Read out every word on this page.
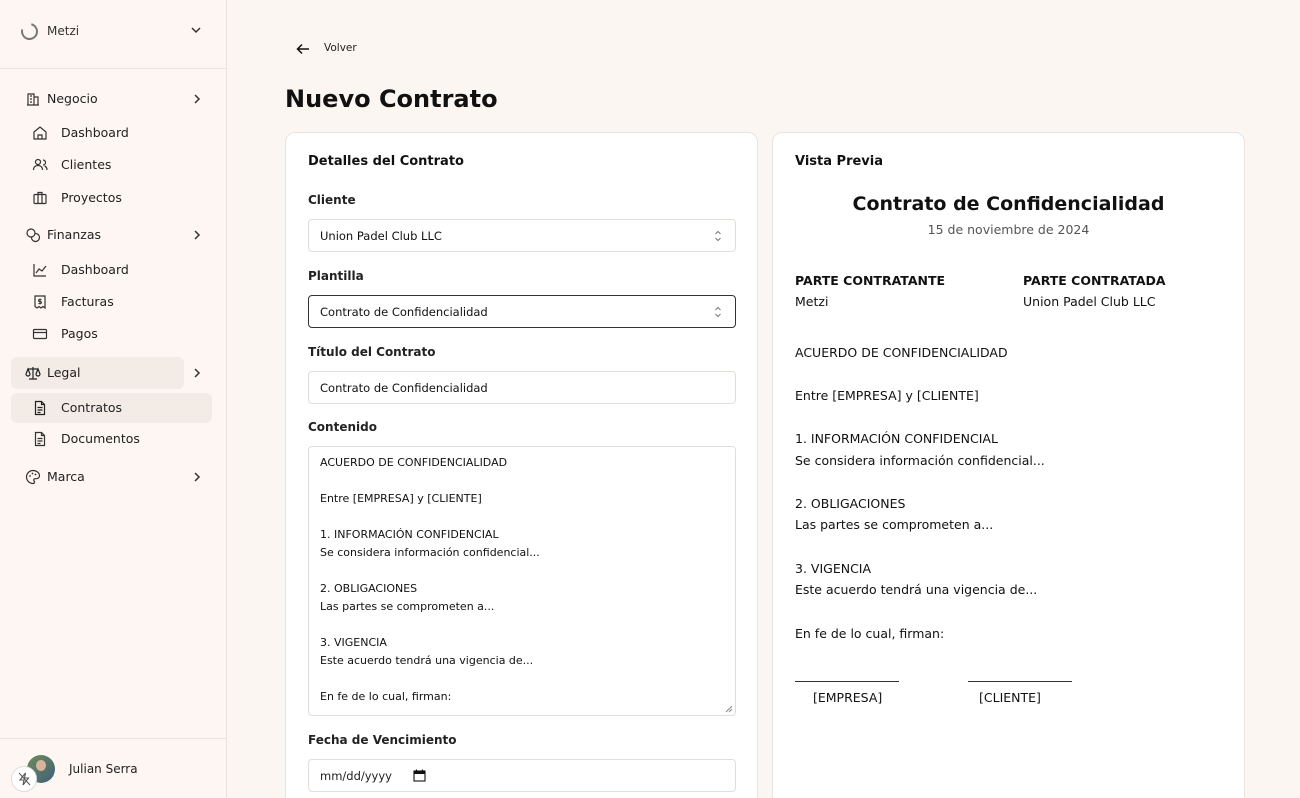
Metzi
Negocio
Dashboard
Clientes
Proyectos
Finanzas
Dashboard
Facturas
Pagos
Legal
Contratos
Documentos
Marca
Julian Serra
Volver
Nuevo Contrato
Detalles del Contrato
Cliente
Union Padel Club LLC
Plantilla
Contrato de Confidencialidad
Título del Contrato
Contrato de Confidencialidad
Contenido
ACUERDO DE CONFIDENCIALIDAD
Entre [EMPRESA] y [CLIENTE]
1. INFORMACIÓN CONFIDENCIAL
Se considera información confidencial...
2. OBLIGACIONES
Las partes se comprometen a...
3. VIGENCIA
Este acuerdo tendrá una vigencia de...
En fe de lo cual, firman:
Fecha de Vencimiento
mm/dd/yyyy
Vista Previa
Contrato de Confidencialidad
15 de noviembre de 2024
PARTE CONTRATANTE
Metzi
PARTE CONTRATADA
Union Padel Club LLC
ACUERDO DE CONFIDENCIALIDAD
Entre [EMPRESA] y [CLIENTE]
1. INFORMACIÓN CONFIDENCIAL
Se considera información confidencial...
2. OBLIGACIONES
Las partes se comprometen a...
3. VIGENCIA
Este acuerdo tendrá una vigencia de...
En fe de lo cual, firman:
[EMPRESA]	[CLIENTE]
